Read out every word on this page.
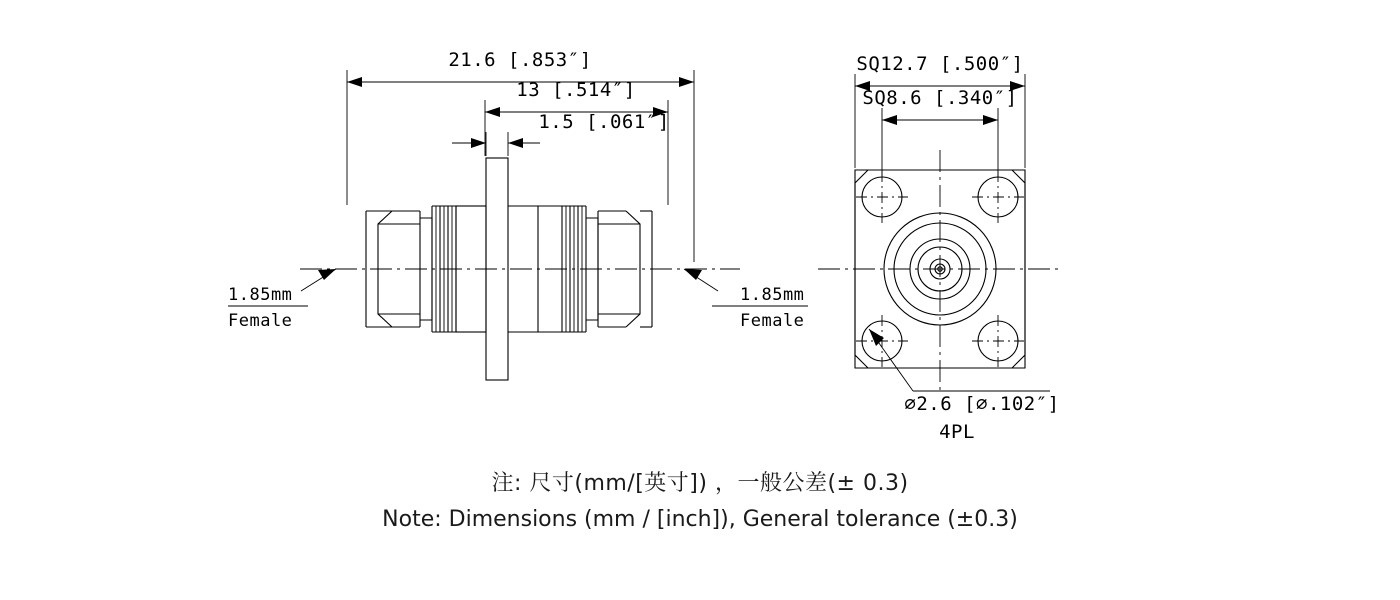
21.6 [.853″]
13 [.514″]
1.5 [.061″]
1.85mm
Female
1.85mm
Female
SQ12.7 [.500″]
SQ8.6 [.340″]
⌀2.6 [⌀.102″]
4PL
注: 尺寸(mm/[英寸]) ，一般公差(± 0.3)
Note: Dimensions (mm / [inch]), General tolerance (±0.3)
